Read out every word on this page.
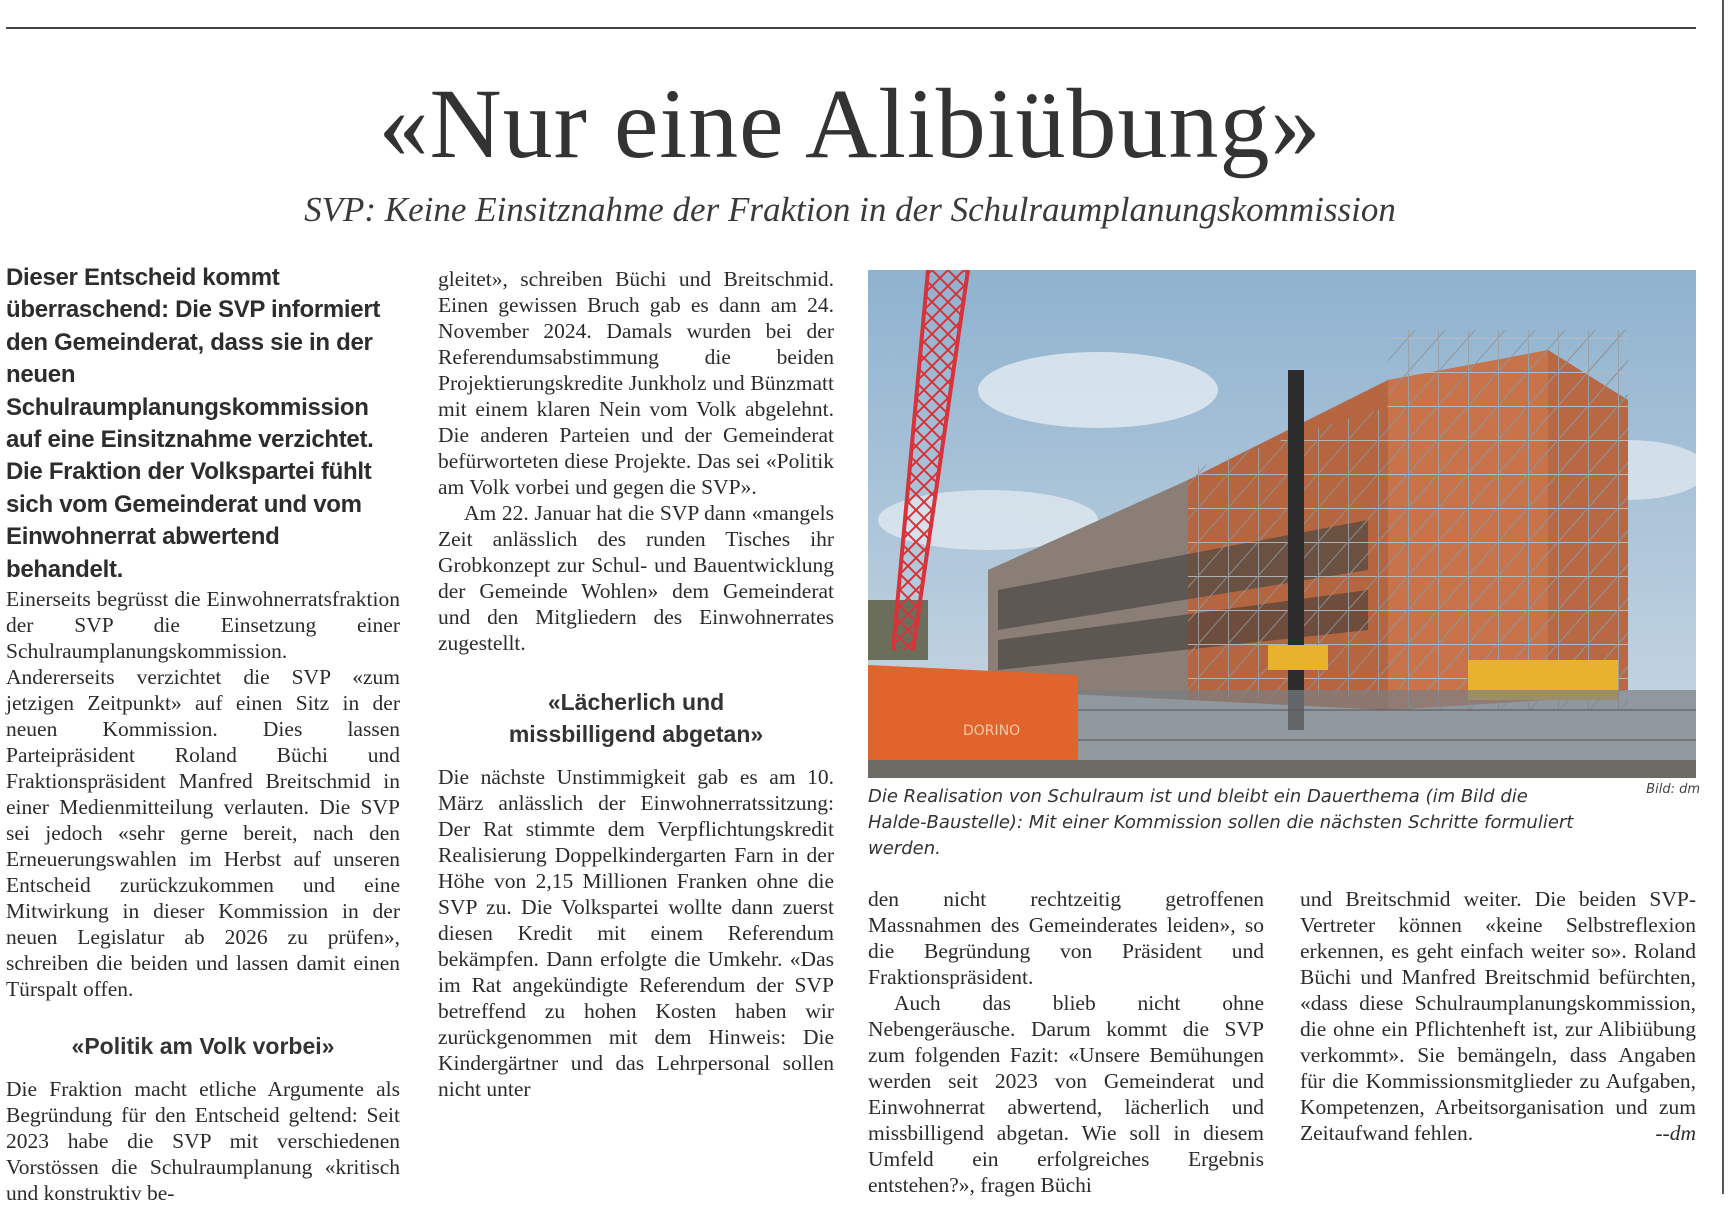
«Nur eine Alibiübung»
SVP: Keine Einsitznahme der Fraktion in der Schulraumplanungskommission

Dieser Entscheid kommt überraschend: Die SVP informiert den Gemeinderat, dass sie in der neuen Schulraumplanungskommission auf eine Einsitznahme verzichtet. Die Fraktion der Volkspartei fühlt sich vom Gemeinderat und vom Einwohnerrat abwertend behandelt.

Einerseits begrüsst die Einwohnerratsfraktion der SVP die Einsetzung einer Schulraumplanungskommission. Andererseits verzichtet die SVP «zum jetzigen Zeitpunkt» auf einen Sitz in der neuen Kommission. Dies lassen Parteipräsident Roland Büchi und Fraktionspräsident Manfred Breitschmid in einer Medienmitteilung verlauten. Die SVP sei jedoch «sehr gerne bereit, nach den Erneuerungswahlen im Herbst auf unseren Entscheid zurückzukommen und eine Mitwirkung in dieser Kommission in der neuen Legislatur ab 2026 zu prüfen», schreiben die beiden und lassen damit einen Türspalt offen.

«Politik am Volk vorbei»

Die Fraktion macht etliche Argumente als Begründung für den Entscheid geltend: Seit 2023 habe die SVP mit verschiedenen Vorstössen die Schulraumplanung «kritisch und konstruktiv be-

gleitet», schreiben Büchi und Breitschmid. Einen gewissen Bruch gab es dann am 24. November 2024. Damals wurden bei der Referendumsabstimmung die beiden Projektierungskredite Junkholz und Bünzmatt mit einem klaren Nein vom Volk abgelehnt. Die anderen Parteien und der Gemeinderat befürworteten diese Projekte. Das sei «Politik am Volk vorbei und gegen die SVP».

Am 22. Januar hat die SVP dann «mangels Zeit anlässlich des runden Tisches ihr Grobkonzept zur Schul- und Bauentwicklung der Gemeinde Wohlen» dem Gemeinderat und den Mitgliedern des Einwohnerrates zugestellt.

«Lächerlich und missbilligend abgetan»

Die nächste Unstimmigkeit gab es am 10. März anlässlich der Einwohnerratssitzung: Der Rat stimmte dem Verpflichtungskredit Realisierung Doppelkindergarten Farn in der Höhe von 2,15 Millionen Franken ohne die SVP zu. Die Volkspartei wollte dann zuerst diesen Kredit mit einem Referendum bekämpfen. Dann erfolgte die Umkehr. «Das im Rat angekündigte Referendum der SVP betreffend zu hohen Kosten haben wir zurückgenommen mit dem Hinweis: Die Kindergärtner und das Lehrpersonal sollen nicht unter

DORINO
Die Realisation von Schulraum ist und bleibt ein Dauerthema (im Bild die Halde-Baustelle): Mit einer Kommission sollen die nächsten Schritte formuliert werden.
Bild: dm

den nicht rechtzeitig getroffenen Massnahmen des Gemeinderates leiden», so die Begründung von Präsident und Fraktionspräsident.

Auch das blieb nicht ohne Nebengeräusche. Darum kommt die SVP zum folgenden Fazit: «Unsere Bemühungen werden seit 2023 von Gemeinderat und Einwohnerrat abwertend, lächerlich und missbilligend abgetan. Wie soll in diesem Umfeld ein erfolgreiches Ergebnis entstehen?», fragen Büchi

und Breitschmid weiter. Die beiden SVP-Vertreter können «keine Selbstreflexion erkennen, es geht einfach weiter so». Roland Büchi und Manfred Breitschmid befürchten, «dass diese Schulraumplanungskommission, die ohne ein Pflichtenheft ist, zur Alibiübung verkommt». Sie bemängeln, dass Angaben für die Kommissionsmitglieder zu Aufgaben, Kompetenzen, Arbeitsorganisation und zum Zeitaufwand fehlen.	--dm
